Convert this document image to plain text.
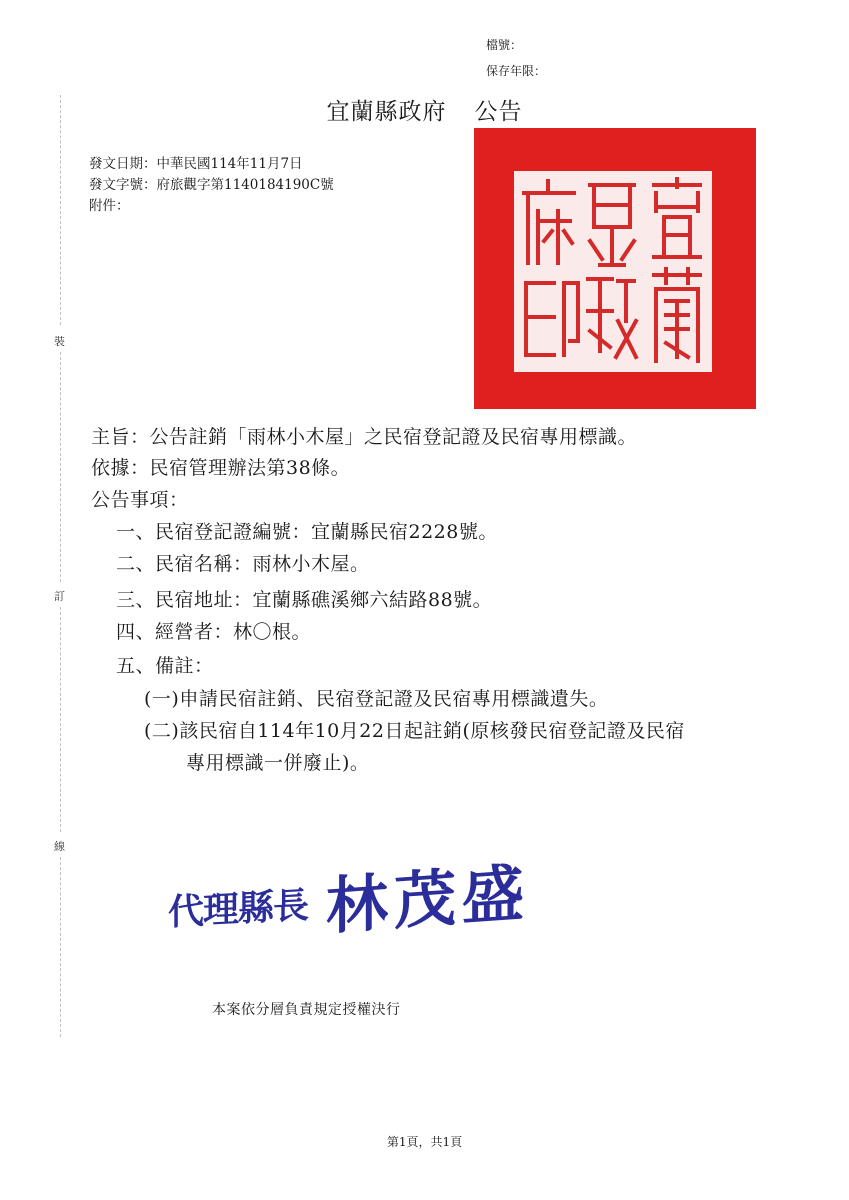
檔號：
保存年限：
宜蘭縣政府 公告
發文日期：中華民國114年11月7日
發文字號：府旅觀字第1140184190C號
附件：
裝
訂
線
主旨：公告註銷「雨林小木屋」之民宿登記證及民宿專用標識。
依據：民宿管理辦法第38條。
公告事項：
一、民宿登記證編號：宜蘭縣民宿2228號。
二、民宿名稱：雨林小木屋。
三、民宿地址：宜蘭縣礁溪鄉六結路88號。
四、經營者：林〇根。
五、備註：
(一)申請民宿註銷、民宿登記證及民宿專用標識遺失。
(二)該民宿自114年10月22日起註銷(原核發民宿登記證及民宿
專用標識一併廢止)。
代理縣長 林茂盛
本案依分層負責規定授權決行
第1頁，共1頁
